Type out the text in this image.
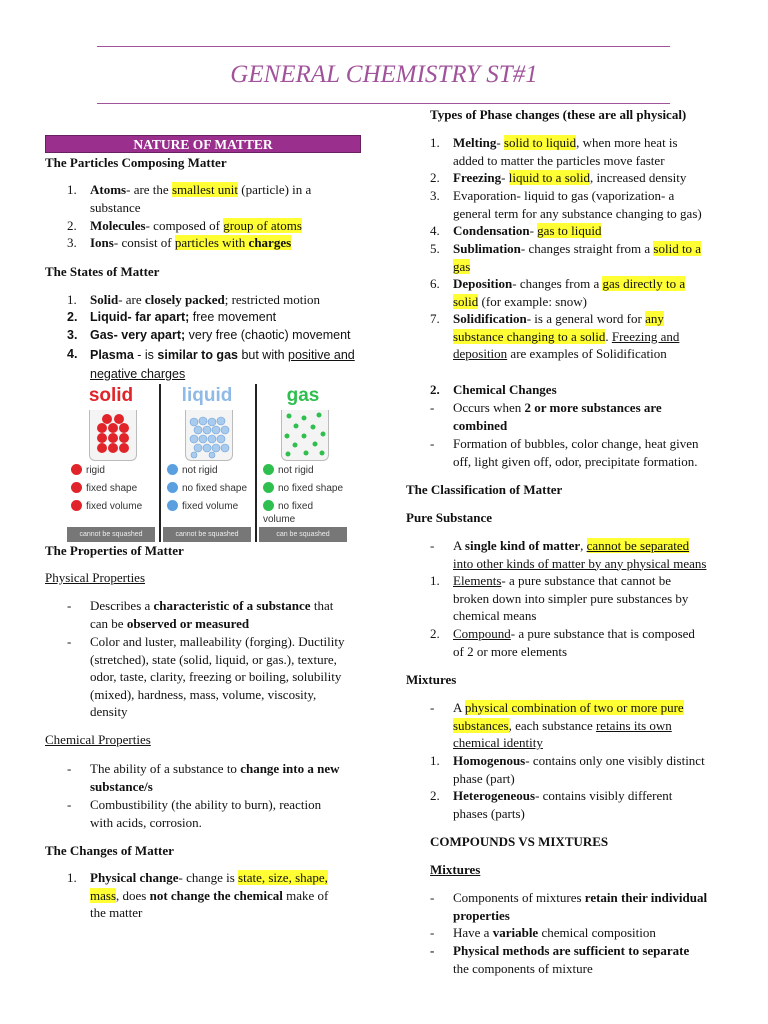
GENERAL CHEMISTRY ST#1
NATURE OF MATTER
The Particles Composing Matter
1.	Atoms- are the smallest unit (particle) in a
substance
2. Molecules- composed of group of atoms
3. Ions- consist of particles with charges
The States of Matter
1. Solid- are closely packed; restricted motion
2. Liquid- far apart; free movement
3. Gas- very apart; very free (chaotic) movement
4. Plasma - is similar to gas but with positive and
negative charges
solid
rigid
fixed shape
fixed volume
cannot be squashed
liquid
not rigid
no fixed shape
fixed volume
cannot be squashed
gas
not rigid
no fixed shape
no fixed volume
can be squashed
The Properties of Matter
Physical Properties
- Describes a characteristic of a substance that
can be observed or measured
- Color and luster, malleability (forging). Ductility
(stretched), state (solid, liquid, or gas.), texture,
odor, taste, clarity, freezing or boiling, solubility
(mixed), hardness, mass, volume, viscosity,
density
Chemical Properties
- The ability of a substance to change into a new
substance/s
- Combustibility (the ability to burn), reaction
with acids, corrosion.
The Changes of Matter
1. Physical change- change is state, size, shape,
mass, does not change the chemical make of
the matter
Types of Phase changes (these are all physical)
1. Melting- solid to liquid, when more heat is
added to matter the particles move faster
2. Freezing- liquid to a solid, increased density
3. Evaporation- liquid to gas (vaporization- a
general term for any substance changing to gas)
4. Condensation- gas to liquid
5. Sublimation- changes straight from a solid to a
gas
6. Deposition- changes from a gas directly to a
solid (for example: snow)
7. Solidification- is a general word for any
substance changing to a solid. Freezing and
deposition are examples of Solidification
2. Chemical Changes
- Occurs when 2 or more substances are
combined
- Formation of bubbles, color change, heat given
off, light given off, odor, precipitate formation.
The Classification of Matter
Pure Substance
- A single kind of matter, cannot be separated
into other kinds of matter by any physical means
1. Elements- a pure substance that cannot be
broken down into simpler pure substances by
chemical means
2. Compound- a pure substance that is composed
of 2 or more elements
Mixtures
- A physical combination of two or more pure
substances, each substance retains its own
chemical identity
1. Homogenous- contains only one visibly distinct
phase (part)
2. Heterogeneous- contains visibly different
phases (parts)
COMPOUNDS VS MIXTURES
Mixtures
- Components of mixtures retain their individual
properties
- Have a variable chemical composition
- Physical methods are sufficient to separate
the components of mixture
